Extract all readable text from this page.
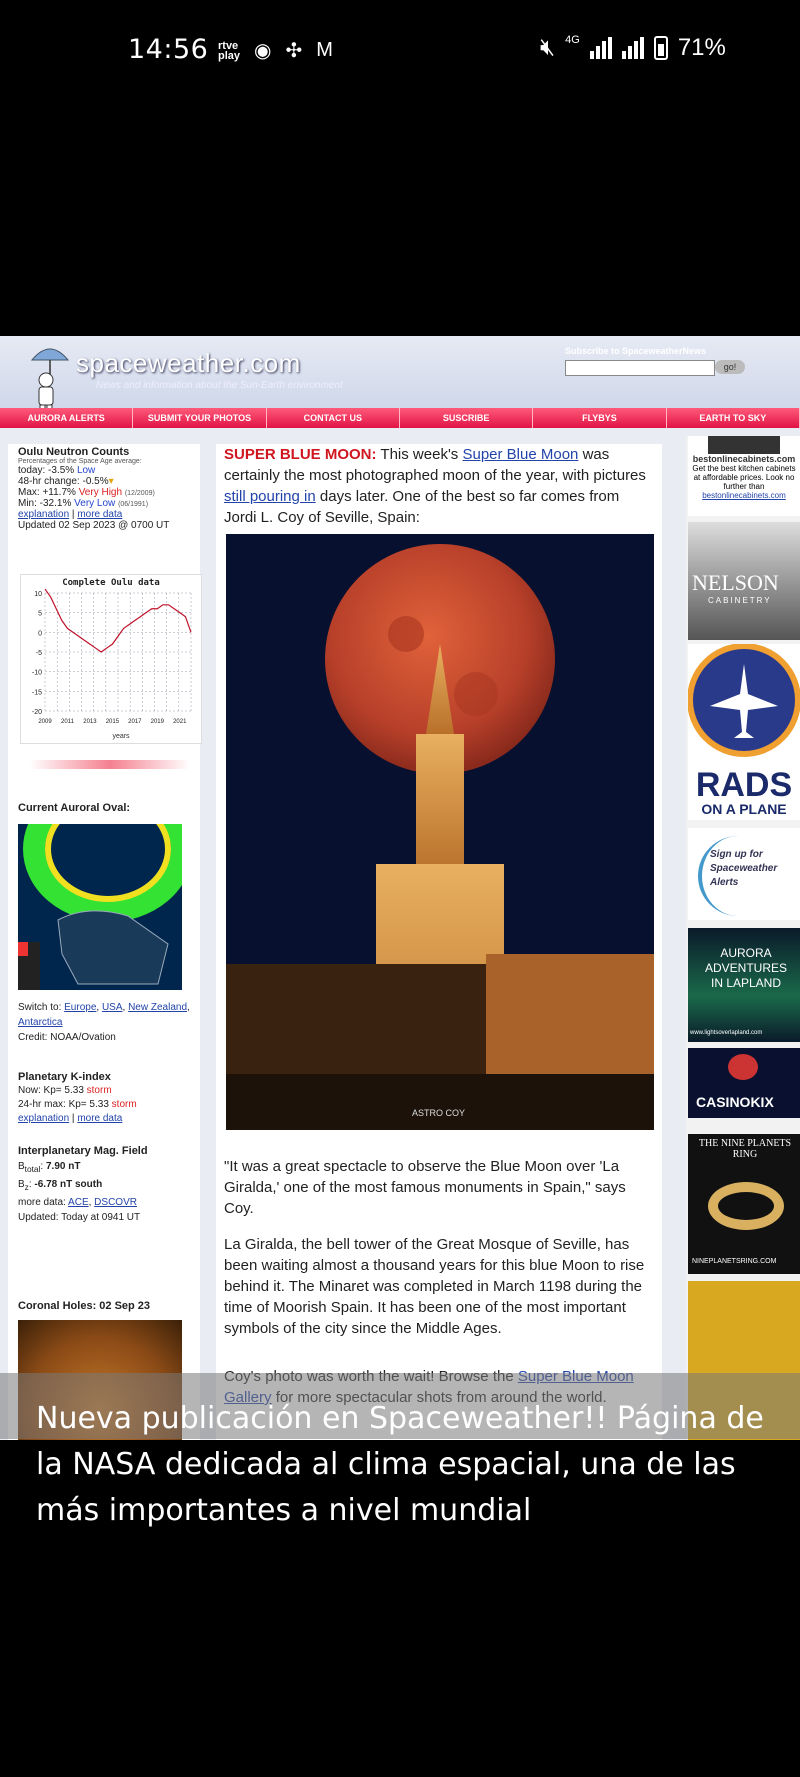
14:56 rtve
play ◉ ✣ M	🔇︎ 4G	71%
spaceweather.com
News and information about the Sun-Earth environment
Subscribe to SpaceweatherNews
go!
AURORA ALERTS	SUBMIT YOUR PHOTOS	CONTACT US	SUSCRIBE	FLYBYS	EARTH TO SKY
Oulu Neutron Counts
Percentages of the Space Age average:
today: -3.5% Low
48-hr change: -0.5%▾
Max: +11.7% Very High (12/2009)
Min: -32.1% Very Low (06/1991)
explanation | more data
Updated 02 Sep 2023 @ 0700 UT
Complete Oulu data
years
10
5
0
-5
-10
-15
-20
2009 2011 2013 2015 2017 2019 2021
Current Auroral Oval:
Switch to: Europe, USA, New Zealand, Antarctica
Credit: NOAA/Ovation
Planetary K-index
Now: Kp= 5.33 storm
24-hr max: Kp= 5.33 storm
explanation | more data
Interplanetary Mag. Field
$B_{total}$: 7.90 nT
$B_z$: -6.78 nT south
more data: ACE, DSCOVR
Updated: Today at 0941 UT
Coronal Holes: 02 Sep 23
SUPER BLUE MOON: This week's Super Blue Moon was certainly the most photographed moon of the year, with pictures still pouring in days later. One of the best so far comes from Jordi L. Coy of Seville, Spain:
ASTRO COY
"It was a great spectacle to observe the Blue Moon over 'La Giralda,' one of the most famous monuments in Spain," says Coy.
La Giralda, the bell tower of the Great Mosque of Seville, has been waiting almost a thousand years for this blue Moon to rise behind it. The Minaret was completed in March 1198 during the time of Moorish Spain. It has been one of the most important symbols of the city since the Middle Ages.
bestonlinecabinets.com
Get the best kitchen cabinets at affordable prices. Look no further than
bestonlinecabinets.com
NELSON
CABINETRY
RADS
ON A PLANE
Sign up for Spaceweather Alerts
AURORA ADVENTURES IN LAPLAND
www.lightsoverlapland.com
CASINOKIX
THE NINE PLANETS RING
NINEPLANETSRING.COM
Nueva publicación en Spaceweather!! Página de la NASA dedicada al clima espacial, una de las más importantes a nivel mundial
